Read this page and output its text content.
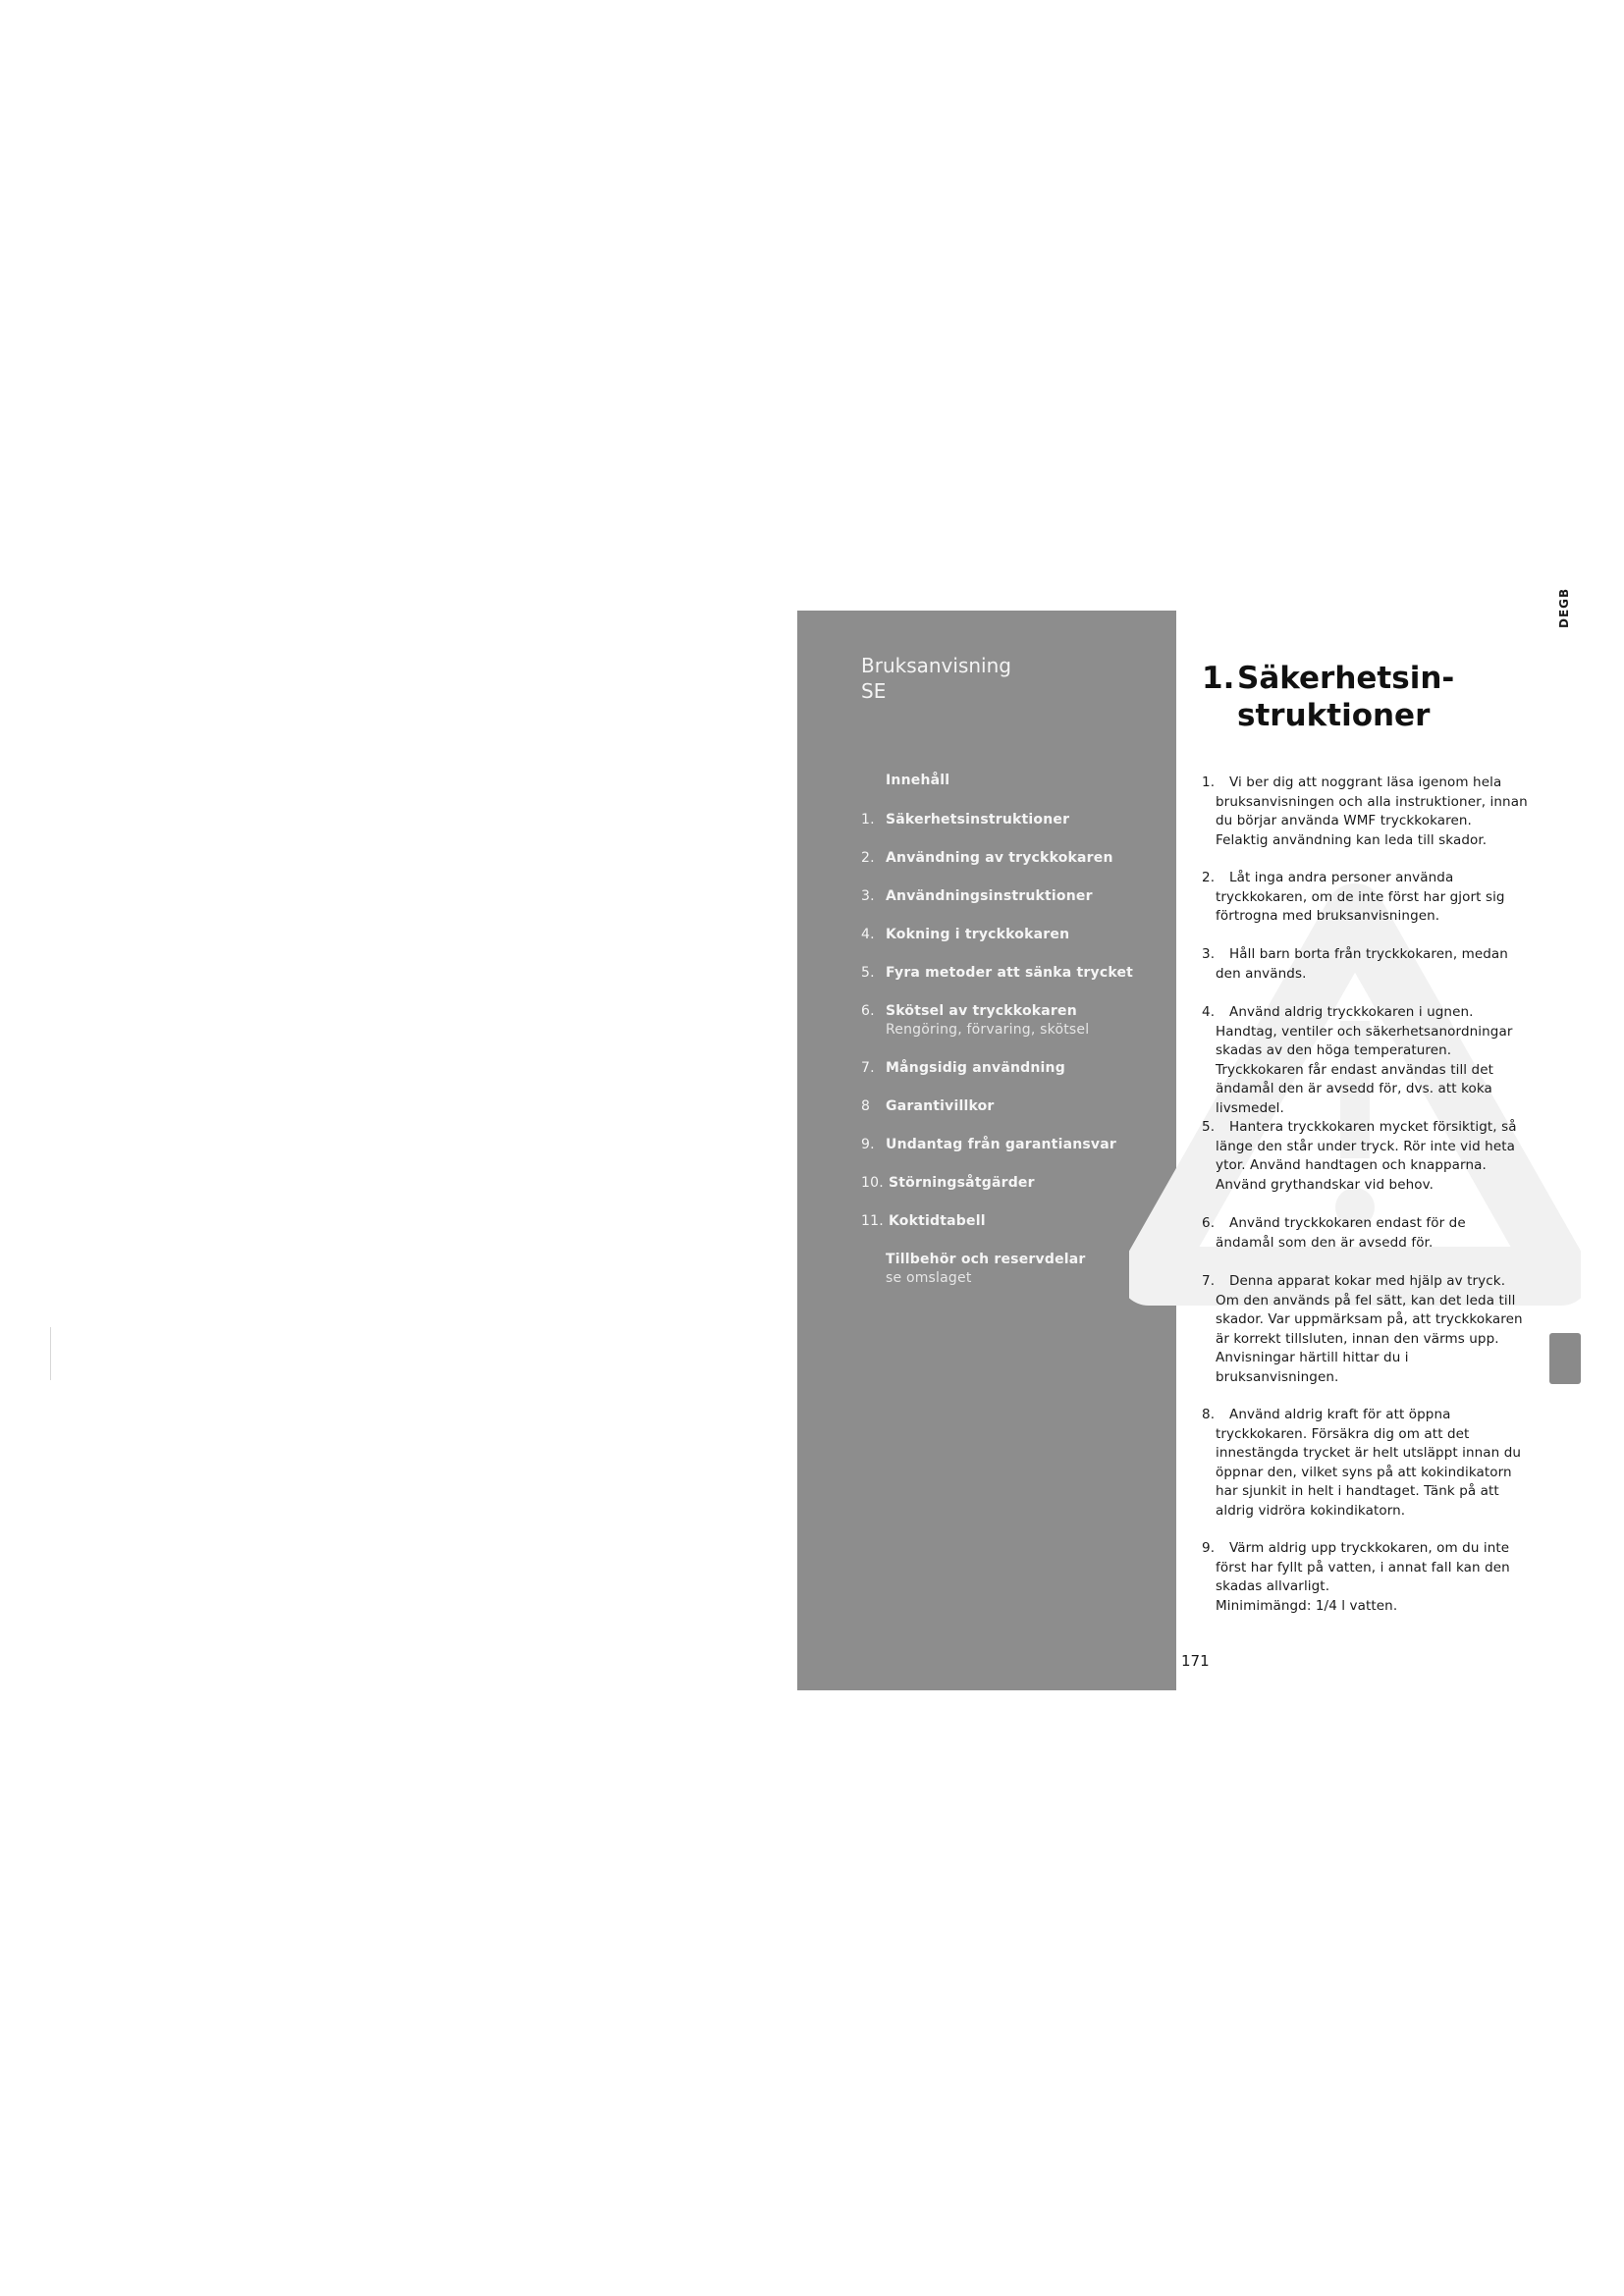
Bruksanvisning
SE
Innehåll
1. Säkerhetsinstruktioner
2. Användning av tryckkokaren
3. Användningsinstruktioner
4. Kokning i tryckkokaren
5. Fyra metoder att sänka trycket
6. Skötsel av tryckkokaren
Rengöring, förvaring, skötsel
7. Mångsidig användning
8	Garantivillkor
9. Undantag från garantiansvar
10. Störningsåtgärder
11. Koktidtabell
Tillbehör och reservdelar
se omslaget
1.Säkerhetsin-
struktioner
1.	Vi ber dig att noggrant läsa igenom hela bruksanvisningen och alla instruktioner, innan du börjar använda WMF tryckkokaren. Felaktig användning kan leda till skador.
2.	Låt inga andra personer använda tryckkokaren, om de inte först har gjort sig förtrogna med bruksanvisningen.
3.	Håll barn borta från tryckkokaren, medan den används.
4.	Använd aldrig tryckkokaren i ugnen. Handtag, ventiler och säkerhetsanordningar skadas av den höga temperaturen. Tryckkokaren får endast användas till det ändamål den är avsedd för, dvs. att koka livsmedel.
5.	Hantera tryckkokaren mycket försiktigt, så länge den står under tryck. Rör inte vid heta ytor. Använd handtagen och knapparna. Använd grythandskar vid behov.
6.	Använd tryckkokaren endast för de ändamål som den är avsedd för.
7.	Denna apparat kokar med hjälp av tryck. Om den används på fel sätt, kan det leda till skador. Var uppmärksam på, att tryckkokaren är korrekt tillsluten, innan den värms upp. Anvisningar härtill hittar du i bruksanvisningen.
8.	Använd aldrig kraft för att öppna tryckkokaren. Försäkra dig om att det innestängda trycket är helt utsläppt innan du öppnar den, vilket syns på att kokindikatorn har sjunkit in helt i handtaget. Tänk på att aldrig vidröra kokindikatorn.
9.	Värm aldrig upp tryckkokaren, om du inte först har fyllt på vatten, i annat fall kan den skadas allvarligt.
Minimimängd: 1/4 l vatten.
171
DEGB
